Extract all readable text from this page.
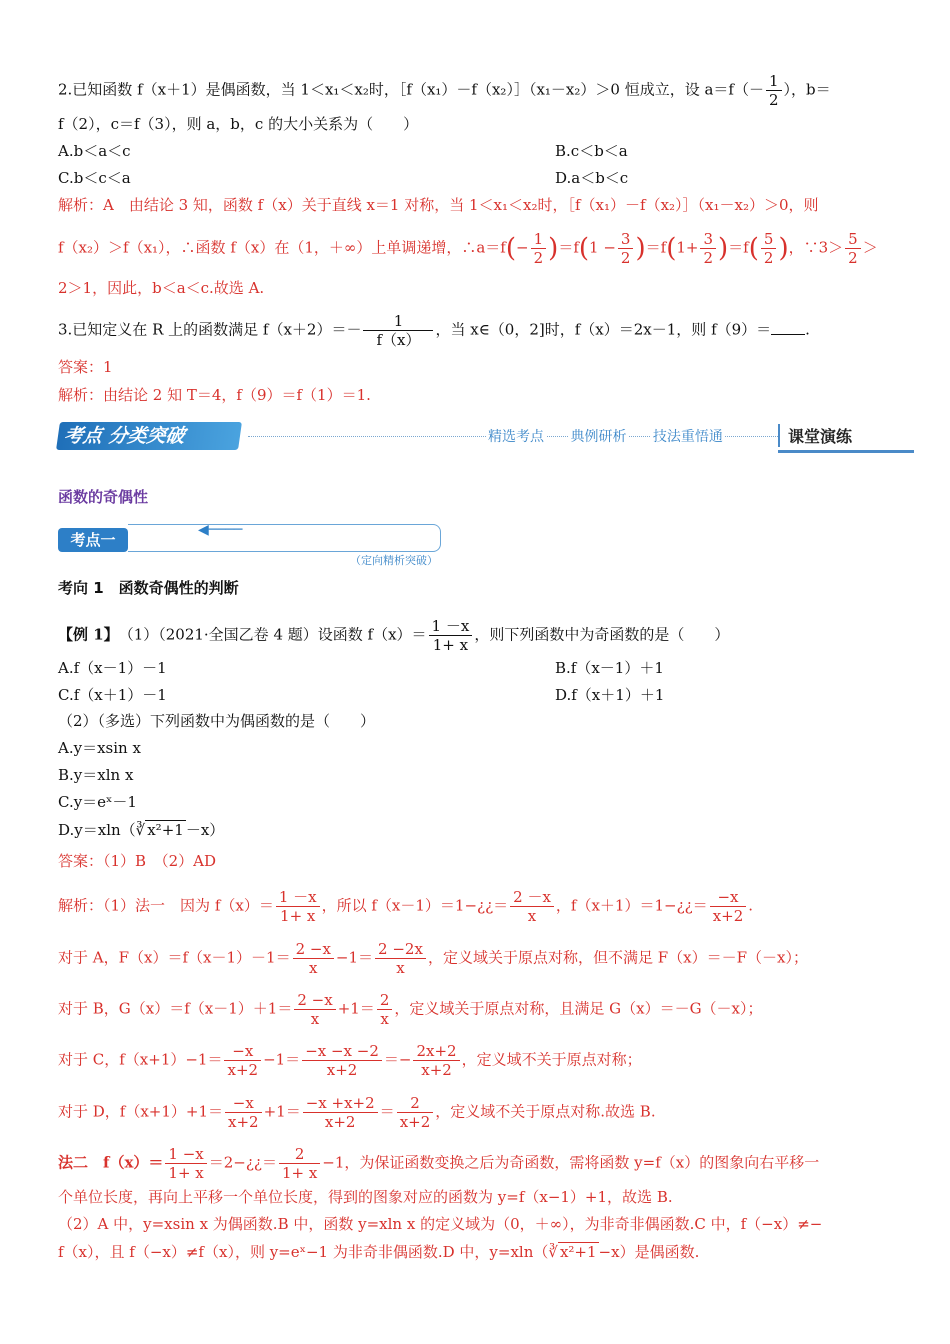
2.已知函数 f（x＋1）是偶函数，当 1＜x₁＜x₂时，［f（x₁）－f（x₂）］（x₁－x₂）＞0 恒成立，设 $a=f(- \frac{1}{2}$ ），b＝
f（2），c＝f（3），则 a，b，c 的大小关系为（　　）
A.b＜a＜c	B.c＜b＜a
C.b＜c＜a	D.a＜b＜c
解析：A　由结论 3 知，函数 f（x）关于直线 x＝1 对称，当 1＜x₁＜x₂时，［f（x₁）－f（x₂）］（x₁－x₂）＞0，则
f（x₂）＞f（x₁），∴函数 f（x）在（1，＋∞）上单调递增，∴a＝f(− $\frac{1}{2} )=f(1 - \frac{3}{2} )=f(1+ \frac{3}{2} )=f( \frac{5}{2}$ )，∵3＞ $\frac{5}{2}$ ＞
2＞1，因此，b＜a＜c.故选 A.
3.已知定义在 R 上的函数满足 $f(x+2)=- \frac{1}{f(x)}$ ，当 x∈（0，2]时，f（x）＝2x－1，则 f（9）＝ .
答案：1
解析：由结论 2 知 T＝4，f（9）＝f（1）＝1.
考点 分类突破	精选考点 典例研析 技法重悟通	课堂演练
函数的奇偶性
◀────
考点一
（定向精析突破）
考向 1　函数奇偶性的判断
【例 1】　 （1）（2021·全国乙卷 4 题）设函数 $f(x)= \frac{1 -x}{1+ x}$ ，则下列函数中为奇函数的是（　　）
A.f（x－1）－1	B.f（x－1）＋1
C.f（x＋1）－1	D.f（x＋1）＋1
（2）（多选）下列函数中为偶函数的是（　　）
A.y＝xsin x
B.y＝xln x
C.y＝eˣ－1
D.y＝xln（∛ x²+1 －x）
答案：（1）B　（2）AD
解析：（1）法一　因为 $f(x)= \frac{1 -x}{1+ x}$ ，所以 f（x－1）＝1−¿¿＝ $\frac{2 -x}{x}$ ，f（x＋1）＝1−¿¿＝ $\frac{-x}{x+2}$ .
对于 A，$F(x)=f(x-1)-1= \frac{2 -x}{x} -1= \frac{2 -2x}{x}$ ，定义域关于原点对称，但不满足 F（x）＝－F（－x）；
对于 B，$G(x)=f(x-1)+1= \frac{2 -x}{x} +1= \frac{2}{x}$ ，定义域关于原点对称，且满足 G（x）＝－G（－x）；
对于 C，$f(x+1)-1= \frac{-x}{x+2} -1= \frac{-x -x -2}{x+2} =- \frac{2x+2}{x+2}$ ，定义域不关于原点对称；
对于 D，$f(x+1)+1= \frac{-x}{x+2} +1= \frac{-x +x+2}{x+2} = \frac{2}{x+2}$ ，定义域不关于原点对称.故选 B.
法二　$f(x)= \frac{1 -x}{1+ x}$ ＝2−¿¿＝ $\frac{2}{1+ x} -1$，为保证函数变换之后为奇函数，需将函数 y=f（x）的图象向右平移一
个单位长度，再向上平移一个单位长度，得到的图象对应的函数为 y=f（x−1）+1，故选 B.
（2）A 中，y=xsin x 为偶函数.B 中，函数 y=xln x 的定义域为（0，＋∞），为非奇非偶函数.C 中，f（−x）≠−
f（x），且 f（−x）≠f（x），则 y=eˣ−1 为非奇非偶函数.D 中，y=xln（∛ x²+1 −x）是偶函数.
